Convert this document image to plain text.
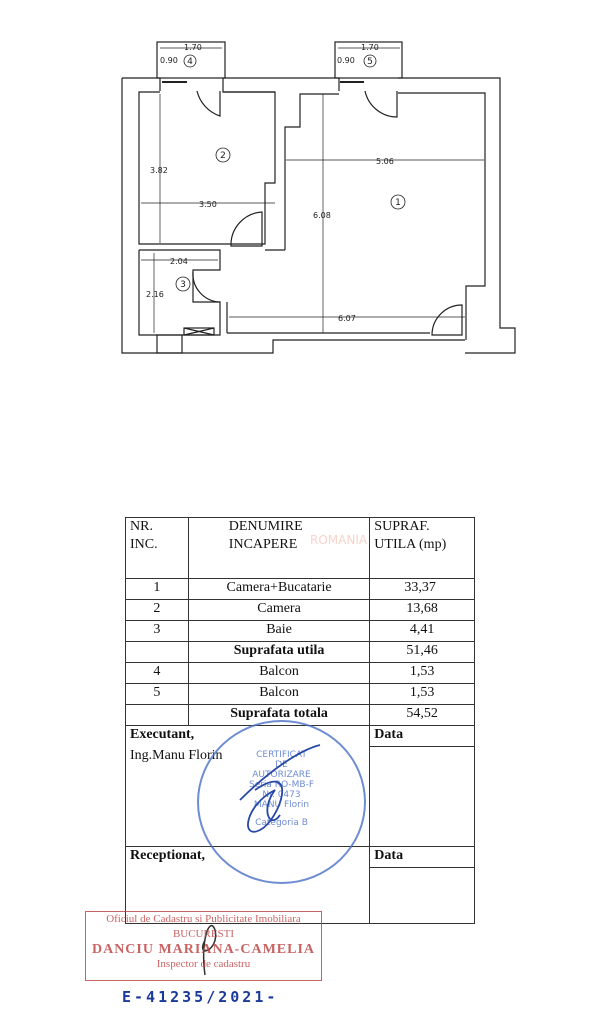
1.70
0.90
1.70
0.90
3.82
3.50
5.06
6.08
6.07
2.04
2.16
4	5
2
1
3
ROMANIA
NR. INC.	DENUMIRE INCAPERE	SUPRAF. UTILA (mp)
1	Camera+Bucatarie	33,37
2	Camera	13,68
3	Baie	4,41
	Suprafata utila	51,46
4	Balcon	1,53
5	Balcon	1,53
	Suprafata totala	54,52
Executant,		Data
Ing.Manu Florin		
Receptionat,		Data

CERTIFICAT
DE
AUTORIZARE
Seria RO-MB-F
Nr. 0473
MANU Florin
Categoria B
Oficiul de Cadastru si Publicitate Imobiliara
BUCURESTI
DANCIU MARIANA-CAMELIA
Inspector de cadastru
E-41235/2021-
